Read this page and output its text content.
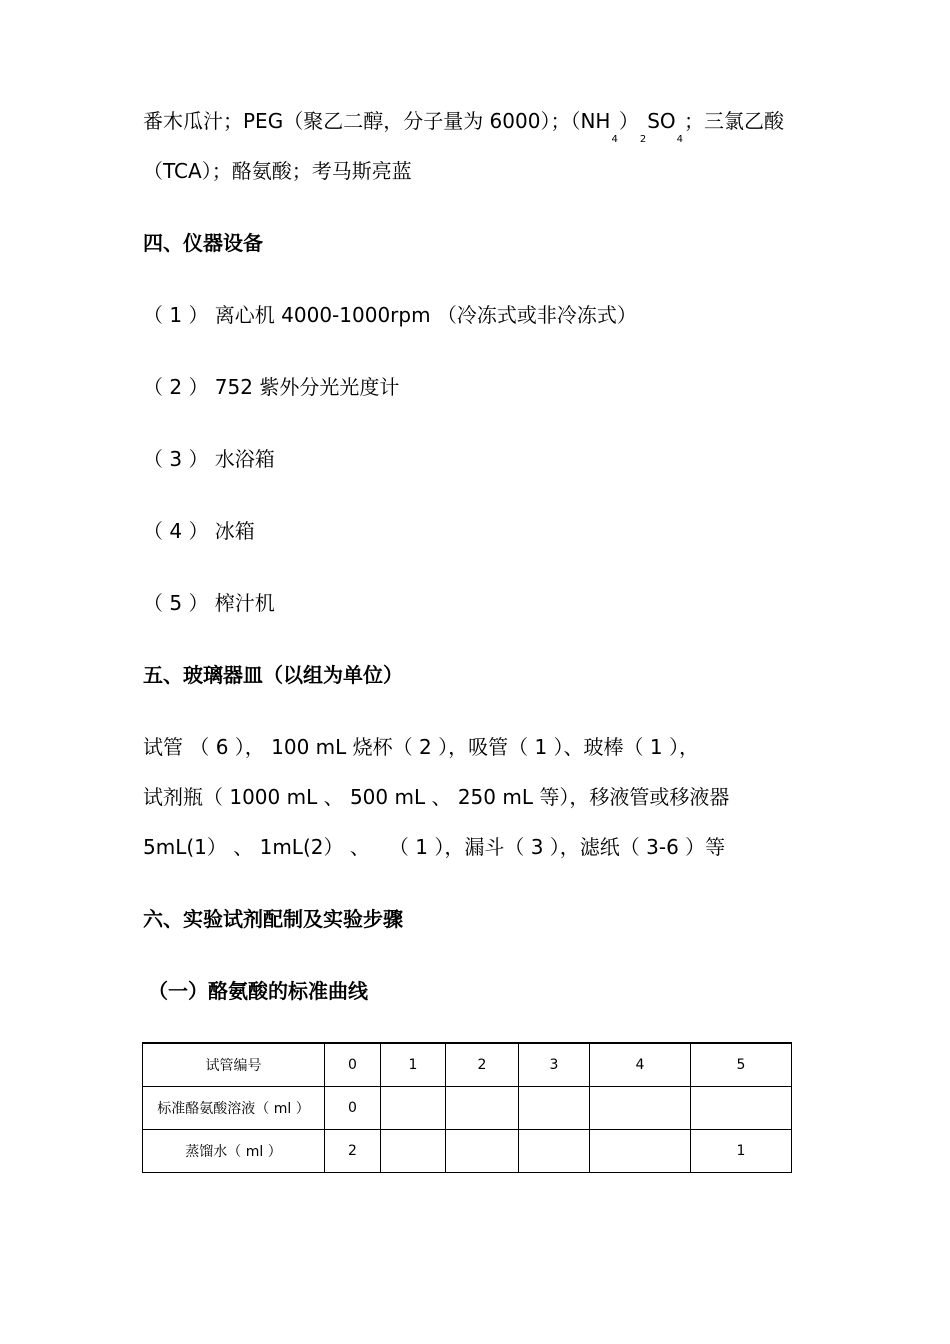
番木瓜汁；PEG（聚乙二醇，分子量为 6000）；$(NH_4)_2SO_4$；三氯乙酸
（TCA）；酪氨酸；考马斯亮蓝
四、仪器设备
（ 1 ） 离心机 4000-1000rpm （冷冻式或非冷冻式）
（ 2 ） 752 紫外分光光度计
（ 3 ） 水浴箱
（ 4 ） 冰箱
（ 5 ） 榨汁机
五、玻璃器皿（以组为单位）
试管 （ 6 ）， 100 mL 烧杯（ 2 ），吸管（ 1 ）、玻棒（ 1 ），
试剂瓶（ 1000 mL 、 500 mL 、 250 mL 等），移液管或移液器
5mL(1） 、 1mL(2） 、   （ 1 ），漏斗（ 3 ），滤纸（ 3-6 ）等
六、实验试剂配制及实验步骤
（一）酪氨酸的标准曲线
试管编号	0	1	2	3	4	5
标准酪氨酸溶液（ ml ）	0					
蒸馏水（ ml ）	2					1
